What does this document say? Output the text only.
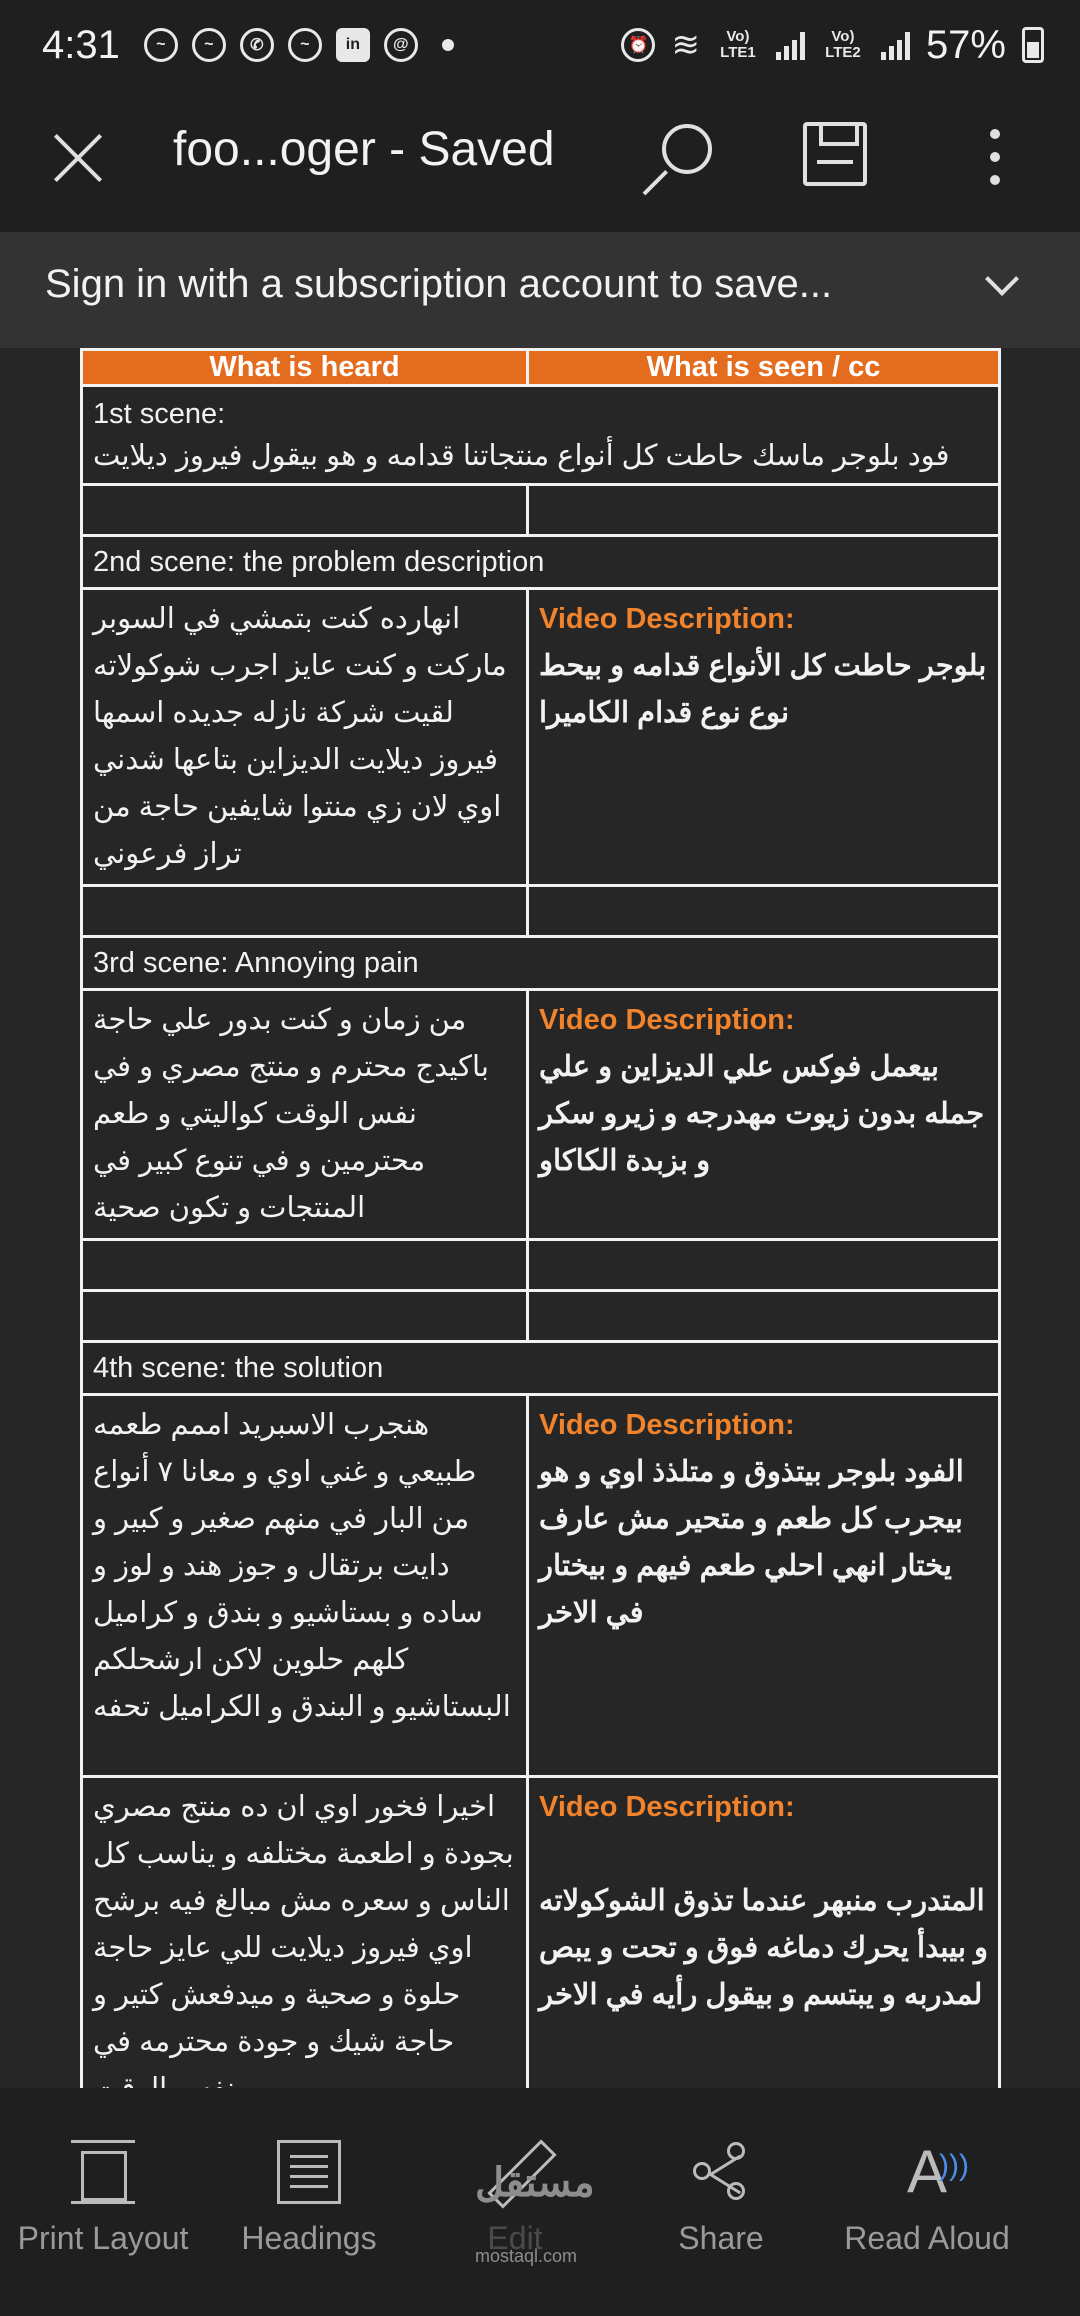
4:31	~	~	✆	~	in	@	⏰ ≋	Vo) LTE1
Vo) LTE2 57%
foo...oger - Saved
Sign in with a subscription account to save...
What is heard	What is seen / cc

1st scene:
فود بلوجر ماسك حاطت كل أنواع منتجاتنا قدامه و هو بيقول فيروز ديلايت	

2nd scene: the problem description	
انهارده كنت بتمشي في السوبر ماركت و كنت عايز اجرب شوكولاته لقيت شركة نازله جديده اسمها فيروز ديلايت الديزاين بتاعها شدني اوي لان زي منتوا شايفين حاجة من تراز فرعوني	Video Description:
بلوجر حاطت كل الأنواع قدامه و بيحط نوع نوع قدام الكاميرا

3rd scene: Annoying pain	
من زمان و كنت بدور علي حاجة باكيدج محترم و منتج مصري و في نفس الوقت كواليتي و طعم محترمين و في تنوع كبير في المنتجات و تكون صحية	Video Description:
بيعمل فوكس علي الديزاين و علي جمله بدون زيوت مهدرجه و زيرو سكر و بزبدة الكاكاو

4th scene: the solution	
هنجرب الاسبريد اممم طعمه طبيعي و غني اوي و معانا ٧ أنواع من البار في منهم صغير و كبير و دايت برتقال و جوز هند و لوز و ساده و بستاشيو و بندق و كراميل كلهم حلوين لاكن ارشحلكم البستاشيو و البندق و الكراميل تحفه	Video Description:
الفود بلوجر بيتذوق و متلذذ اوي و هو بيجرب كل طعم و متحير مش عارف يختار انهي احلي طعم فيهم و بيختار في الاخر

اخيرا فخور اوي ان ده منتج مصري بجودة و اطعمة مختلفه و يناسب كل الناس و سعره مش مبالغ فيه برشح اوي فيروز ديلايت للي عايز حاجة حلوة و صحية و ميدفعش كتير و حاجة شيك و جودة محترمه في	Video Description:
المتدرب منبهر عندما تذوق الشوكولاته و بيبدأ يحرك دماغه فوق و تحت و يبص لمدربه و يبتسم و بيقول رأيه في الاخر
Print Layout Headings	Edit	Share
A
)))
Read Aloud
مستقل
mostaql.com
